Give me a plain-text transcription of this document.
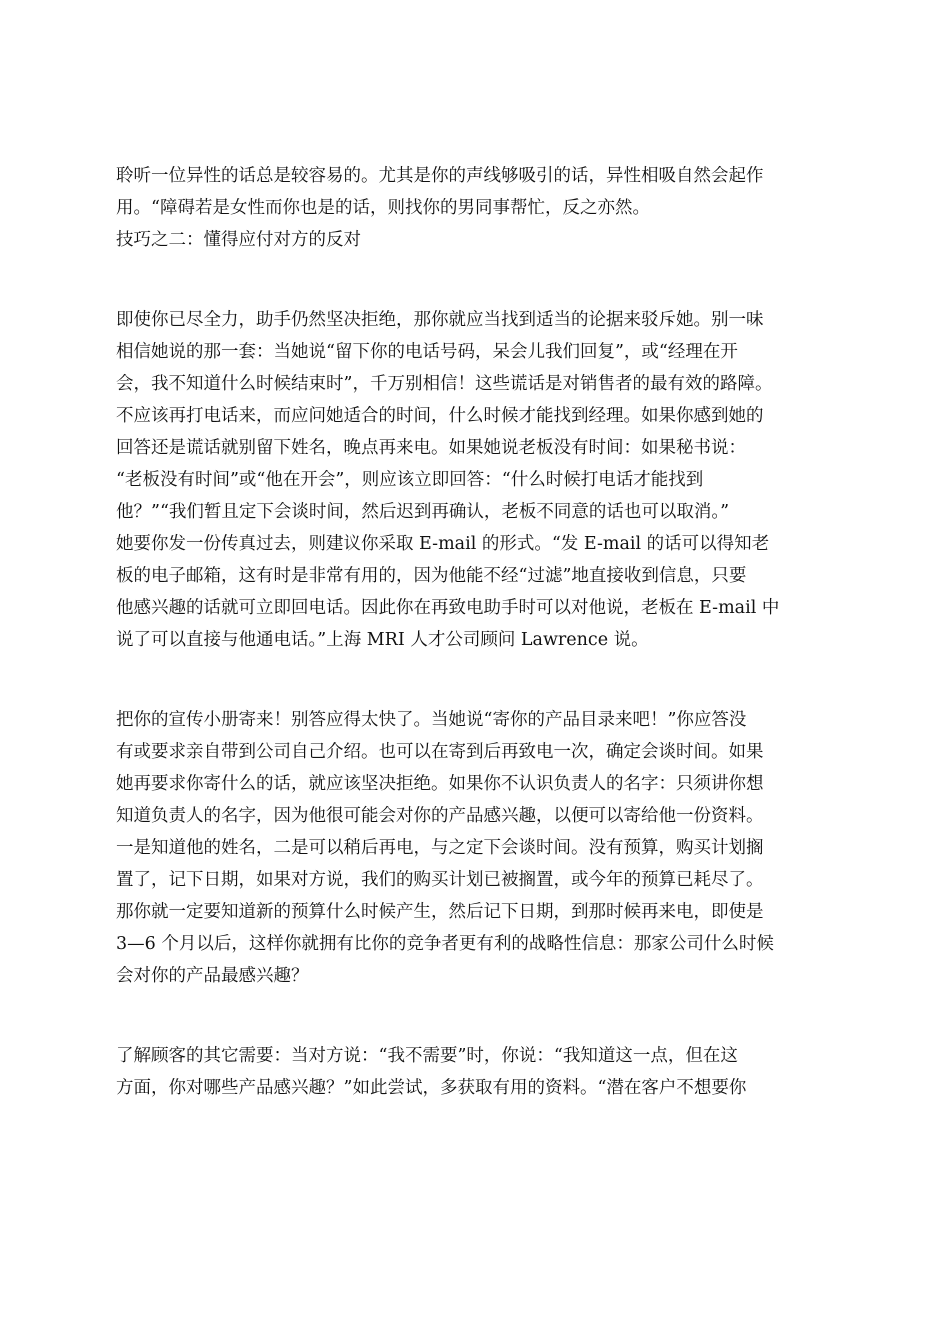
聆听一位异性的话总是较容易的。尤其是你的声线够吸引的话，异性相吸自然会起作
用。“障碍若是女性而你也是的话，则找你的男同事帮忙，反之亦然。
技巧之二：懂得应付对方的反对
即使你已尽全力，助手仍然坚决拒绝，那你就应当找到适当的论据来驳斥她。别一味
相信她说的那一套：当她说“留下你的电话号码，呆会儿我们回复”，或“经理在开
会，我不知道什么时候结束时”，千万别相信！这些谎话是对销售者的最有效的路障。
不应该再打电话来，而应问她适合的时间，什么时候才能找到经理。如果你感到她的
回答还是谎话就别留下姓名，晚点再来电。如果她说老板没有时间：如果秘书说：
“老板没有时间”或“他在开会”，则应该立即回答：“什么时候打电话才能找到
他？”“我们暂且定下会谈时间，然后迟到再确认，老板不同意的话也可以取消。”
她要你发一份传真过去，则建议你采取 E-mail 的形式。“发 E-mail 的话可以得知老
板的电子邮箱，这有时是非常有用的，因为他能不经“过滤”地直接收到信息，只要
他感兴趣的话就可立即回电话。因此你在再致电助手时可以对他说，老板在 E-mail 中
说了可以直接与他通电话。”上海 MRI 人才公司顾问 Lawrence 说。
把你的宣传小册寄来！别答应得太快了。当她说“寄你的产品目录来吧！”你应答没
有或要求亲自带到公司自己介绍。也可以在寄到后再致电一次，确定会谈时间。如果
她再要求你寄什么的话，就应该坚决拒绝。如果你不认识负责人的名字：只须讲你想
知道负责人的名字，因为他很可能会对你的产品感兴趣，以便可以寄给他一份资料。
一是知道他的姓名，二是可以稍后再电，与之定下会谈时间。没有预算，购买计划搁
置了，记下日期，如果对方说，我们的购买计划已被搁置，或今年的预算已耗尽了。
那你就一定要知道新的预算什么时候产生，然后记下日期，到那时候再来电，即使是
3—6 个月以后，这样你就拥有比你的竞争者更有利的战略性信息：那家公司什么时候
会对你的产品最感兴趣？
了解顾客的其它需要：当对方说：“我不需要”时，你说：“我知道这一点，但在这
方面，你对哪些产品感兴趣？”如此尝试，多获取有用的资料。“潜在客户不想要你
